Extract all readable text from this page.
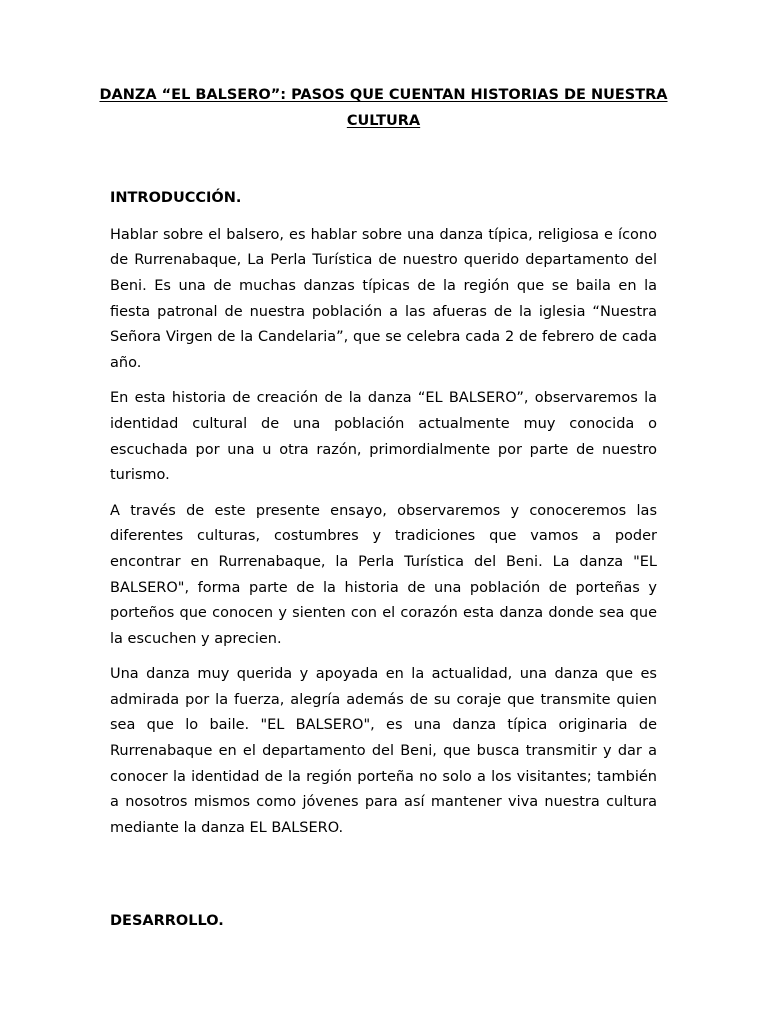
DANZA “EL BALSERO”: PASOS QUE CUENTAN HISTORIAS DE NUESTRA CULTURA
INTRODUCCIÓN.

Hablar sobre el balsero, es hablar sobre una danza típica, religiosa e ícono de Rurrenabaque, La Perla Turística de nuestro querido departamento del Beni. Es una de muchas danzas típicas de la región que se baila en la fiesta patronal de nuestra población a las afueras de la iglesia “Nuestra Señora Virgen de la Candelaria”, que se celebra cada 2 de febrero de cada año.

En esta historia de creación de la danza “EL BALSERO”, observaremos la identidad cultural de una población actualmente muy conocida o escuchada por una u otra razón, primordialmente por parte de nuestro turismo.

A través de este presente ensayo, observaremos y conoceremos las diferentes culturas, costumbres y tradiciones que vamos a poder encontrar en Rurrenabaque, la Perla Turística del Beni. La danza "EL BALSERO", forma parte de la historia de una población de porteñas y porteños que conocen y sienten con el corazón esta danza donde sea que la escuchen y aprecien.

Una danza muy querida y apoyada en la actualidad, una danza que es admirada por la fuerza, alegría además de su coraje que transmite quien sea que lo baile. "EL BALSERO", es una danza típica originaria de Rurrenabaque en el departamento del Beni, que busca transmitir y dar a conocer la identidad de la región porteña no solo a los visitantes; también a nosotros mismos como jóvenes para así mantener viva nuestra cultura mediante la danza EL BALSERO.

DESARROLLO.
